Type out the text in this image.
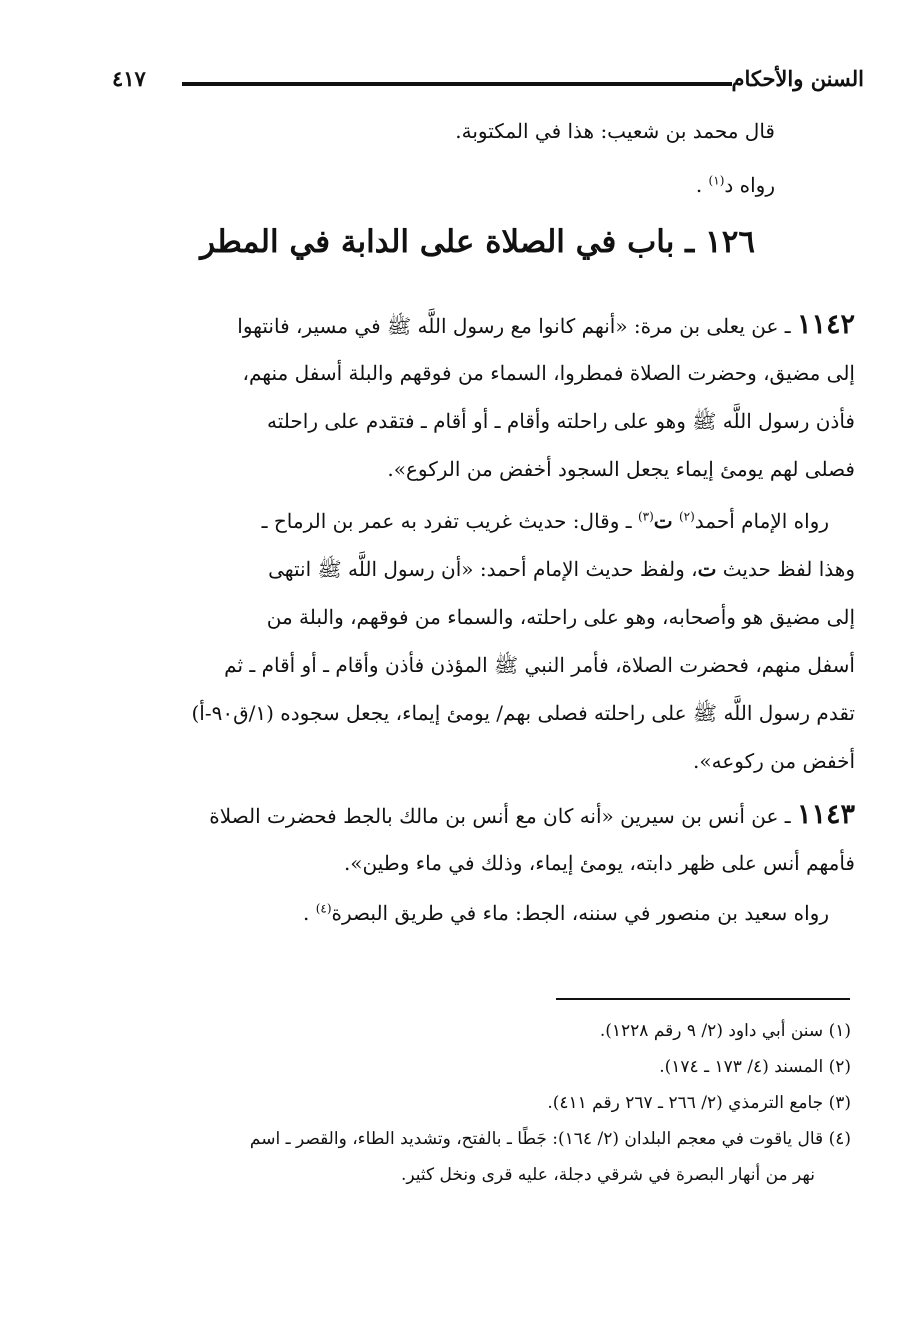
السنن والأحكام
٤١٧
قال محمد بن شعيب: هذا في المكتوبة.
رواه د$^{(١)}$ .
١٢٦ ـ باب في الصلاة على الدابة في المطر
١١٤٢ ـ عن يعلى بن مرة: «أنهم كانوا مع رسول اللَّه ﷺ في مسير، فانتهوا
إلى مضيق، وحضرت الصلاة فمطروا، السماء من فوقهم والبلة أسفل منهم،
فأذن رسول اللَّه ﷺ وهو على راحلته وأقام ـ أو أقام ـ فتقدم على راحلته
فصلى لهم يومئ إيماء يجعل السجود أخفض من الركوع».
رواه الإمام أحمد$^{(٢)}$ ت$^{(٣)}$ ـ وقال: حديث غريب تفرد به عمر بن الرماح ـ
وهذا لفظ حديث ت، ولفظ حديث الإمام أحمد: «أن رسول اللَّه ﷺ انتهى
إلى مضيق هو وأصحابه، وهو على راحلته، والسماء من فوقهم، والبلة من
أسفل منهم، فحضرت الصلاة، فأمر النبي ﷺ المؤذن فأذن وأقام ـ أو أقام ـ ثم
تقدم رسول اللَّه ﷺ على راحلته فصلى بهم/ يومئ إيماء، يجعل سجوده (١/ق٩٠-أ)
أخفض من ركوعه».
١١٤٣ ـ عن أنس بن سيرين «أنه كان مع أنس بن مالك بالجط فحضرت الصلاة
فأمهم أنس على ظهر دابته، يومئ إيماء، وذلك في ماء وطين».
رواه سعيد بن منصور في سننه، الجط: ماء في طريق البصرة$^{(٤)}$ .
(١) سنن أبي داود (٢/ ٩ رقم ١٢٢٨).
(٢) المسند (٤/ ١٧٣ ـ ١٧٤).
(٣) جامع الترمذي (٢/ ٢٦٦ ـ ٢٦٧ رقم ٤١١).
(٤) قال ياقوت في معجم البلدان (٢/ ١٦٤): جَطًا ـ بالفتح، وتشديد الطاء، والقصر ـ اسم
نهر من أنهار البصرة في شرقي دجلة، عليه قرى ونخل كثير.
